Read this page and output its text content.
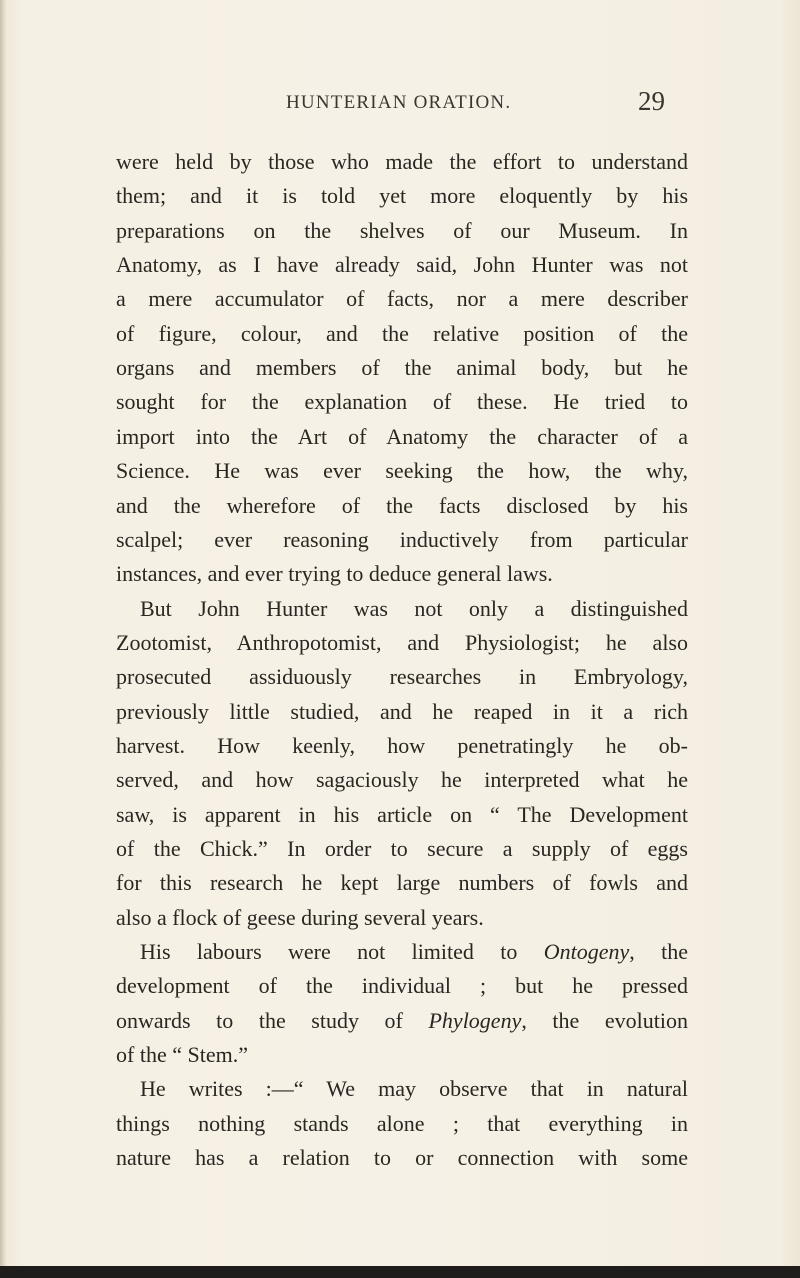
HUNTERIAN ORATION.	29
were held by those who made the effort to understand
them; and it is told yet more eloquently by his
preparations on the shelves of our Museum. In
Anatomy, as I have already said, John Hunter was not
a mere accumulator of facts, nor a mere describer
of figure, colour, and the relative position of the
organs and members of the animal body, but he
sought for the explanation of these. He tried to
import into the Art of Anatomy the character of a
Science. He was ever seeking the how, the why,
and the wherefore of the facts disclosed by his
scalpel; ever reasoning inductively from particular
instances, and ever trying to deduce general laws.
But John Hunter was not only a distinguished
Zootomist, Anthropotomist, and Physiologist; he also
prosecuted assiduously researches in Embryology,
previously little studied, and he reaped in it a rich
harvest. How keenly, how penetratingly he ob-
served, and how sagaciously he interpreted what he
saw, is apparent in his article on “ The Development
of the Chick.” In order to secure a supply of eggs
for this research he kept large numbers of fowls and
also a flock of geese during several years.
His labours were not limited to Ontogeny, the
development of the individual ; but he pressed
onwards to the study of Phylogeny, the evolution
of the “ Stem.”
He writes :—“ We may observe that in natural
things nothing stands alone ; that everything in
nature has a relation to or connection with some
